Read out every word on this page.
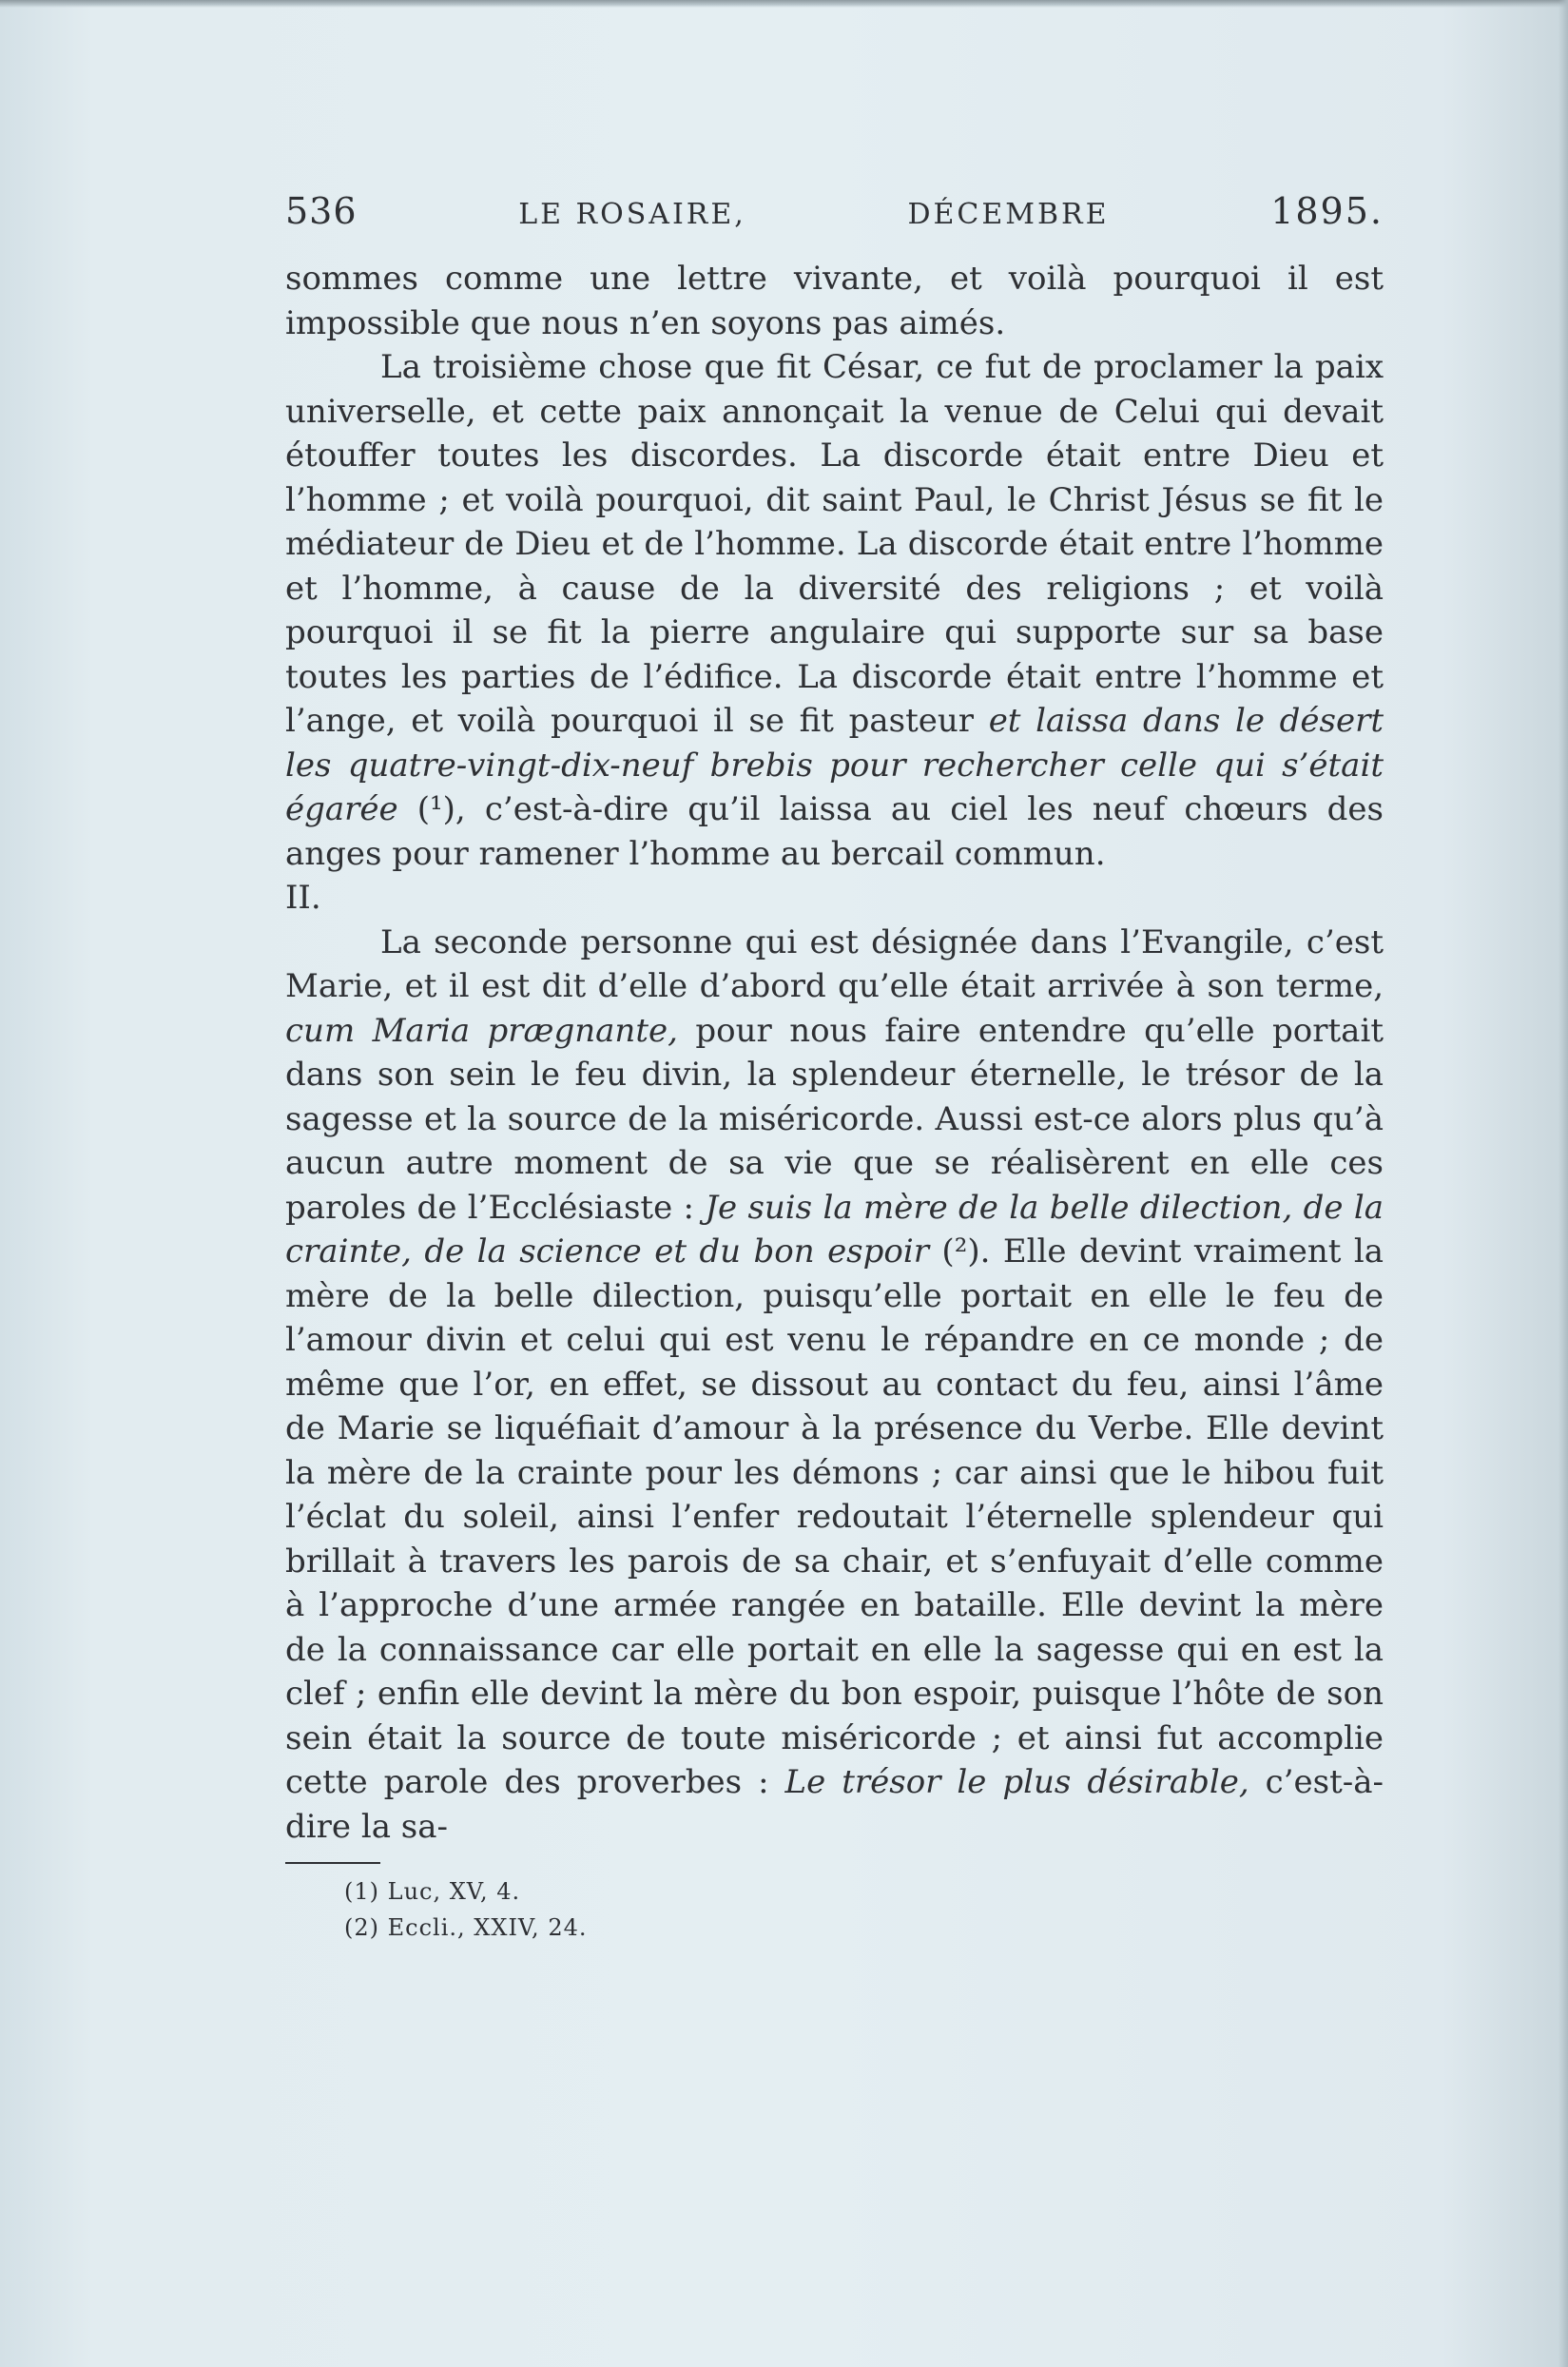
536	LE ROSAIRE,	DÉCEMBRE	1895.

sommes comme une lettre vivante, et voilà pourquoi il est impossible que nous n’en soyons pas aimés.

La troisième chose que fit César, ce fut de proclamer la paix universelle, et cette paix annonçait la venue de Celui qui devait étouffer toutes les discordes. La discorde était entre Dieu et l’homme ; et voilà pourquoi, dit saint Paul, le Christ Jésus se fit le médiateur de Dieu et de l’homme. La discorde était entre l’homme et l’homme, à cause de la diversité des religions ; et voilà pourquoi il se fit la pierre angulaire qui supporte sur sa base toutes les parties de l’édifice. La discorde était entre l’homme et l’ange, et voilà pourquoi il se fit pasteur et laissa dans le désert les quatre-vingt-dix-neuf brebis pour rechercher celle qui s’était égarée (¹), c’est-à-dire qu’il laissa au ciel les neuf chœurs des anges pour ramener l’homme au bercail commun.

II.

La seconde personne qui est désignée dans l’Evangile, c’est Marie, et il est dit d’elle d’abord qu’elle était arrivée à son terme, cum Maria prægnante, pour nous faire entendre qu’elle portait dans son sein le feu divin, la splendeur éternelle, le trésor de la sagesse et la source de la miséricorde. Aussi est-ce alors plus qu’à aucun autre moment de sa vie que se réalisèrent en elle ces paroles de l’Ecclésiaste : Je suis la mère de la belle dilection, de la crainte, de la science et du bon espoir (²). Elle devint vraiment la mère de la belle dilection, puisqu’elle portait en elle le feu de l’amour divin et celui qui est venu le répandre en ce monde ; de même que l’or, en effet, se dissout au contact du feu, ainsi l’âme de Marie se liquéfiait d’amour à la présence du Verbe. Elle devint la mère de la crainte pour les démons ; car ainsi que le hibou fuit l’éclat du soleil, ainsi l’enfer redoutait l’éternelle splendeur qui brillait à travers les parois de sa chair, et s’enfuyait d’elle comme à l’approche d’une armée rangée en bataille. Elle devint la mère de la connaissance car elle portait en elle la sagesse qui en est la clef ; enfin elle devint la mère du bon espoir, puisque l’hôte de son sein était la source de toute miséricorde ; et ainsi fut accomplie cette parole des proverbes : Le trésor le plus désirable, c’est-à-dire la sa-

(1) Luc, XV, 4.

(2) Eccli., XXIV, 24.
